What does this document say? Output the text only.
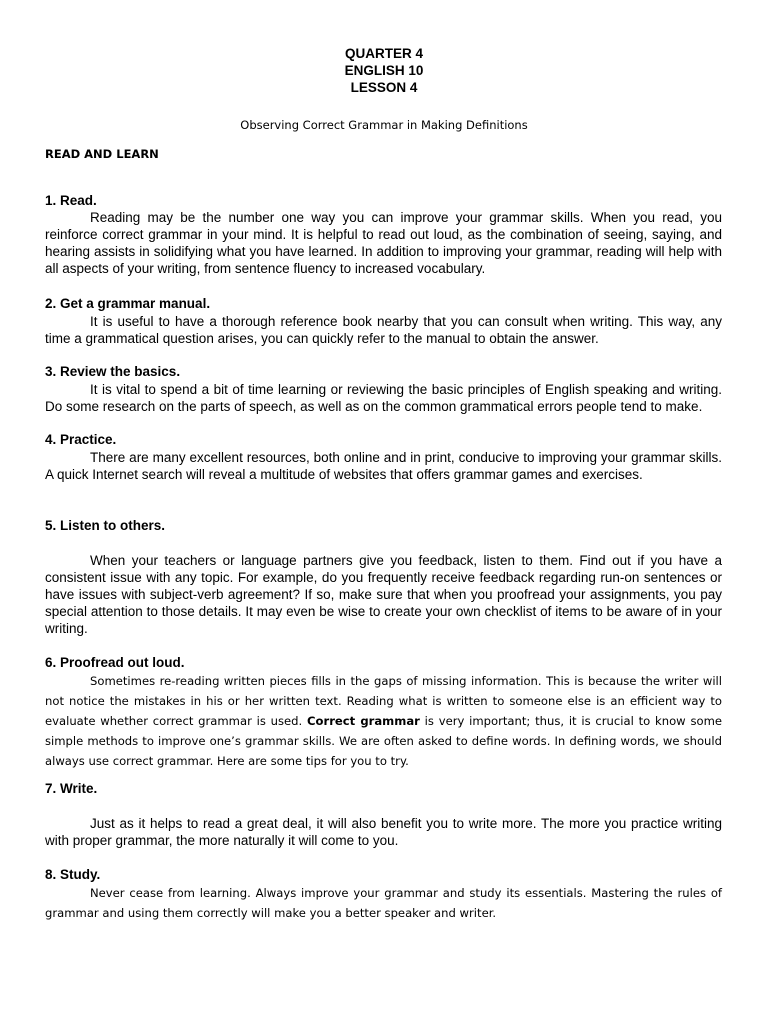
QUARTER 4
ENGLISH 10
LESSON 4
Observing Correct Grammar in Making Definitions
READ AND LEARN
1. Read.

Reading may be the number one way you can improve your grammar skills. When you read, you reinforce correct grammar in your mind. It is helpful to read out loud, as the combination of seeing, saying, and hearing assists in solidifying what you have learned. In addition to improving your grammar, reading will help with all aspects of your writing, from sentence fluency to increased vocabulary.

2. Get a grammar manual.

It is useful to have a thorough reference book nearby that you can consult when writing. This way, any time a grammatical question arises, you can quickly refer to the manual to obtain the answer.

3. Review the basics.

It is vital to spend a bit of time learning or reviewing the basic principles of English speaking and writing. Do some research on the parts of speech, as well as on the common grammatical errors people tend to make.

4. Practice.

There are many excellent resources, both online and in print, conducive to improving your grammar skills. A quick Internet search will reveal a multitude of websites that offers grammar games and exercises.

5. Listen to others.

When your teachers or language partners give you feedback, listen to them. Find out if you have a consistent issue with any topic. For example, do you frequently receive feedback regarding run-on sentences or have issues with subject-verb agreement? If so, make sure that when you proofread your assignments, you pay special attention to those details. It may even be wise to create your own checklist of items to be aware of in your writing.

6. Proofread out loud.

Sometimes re-reading written pieces fills in the gaps of missing information. This is because the writer will not notice the mistakes in his or her written text. Reading what is written to someone else is an efficient way to evaluate whether correct grammar is used. Correct grammar is very important; thus, it is crucial to know some simple methods to improve one’s grammar skills. We are often asked to define words. In defining words, we should always use correct grammar. Here are some tips for you to try.

7. Write.

Just as it helps to read a great deal, it will also benefit you to write more. The more you practice writing with proper grammar, the more naturally it will come to you.

8. Study.

Never cease from learning. Always improve your grammar and study its essentials. Mastering the rules of grammar and using them correctly will make you a better speaker and writer.
